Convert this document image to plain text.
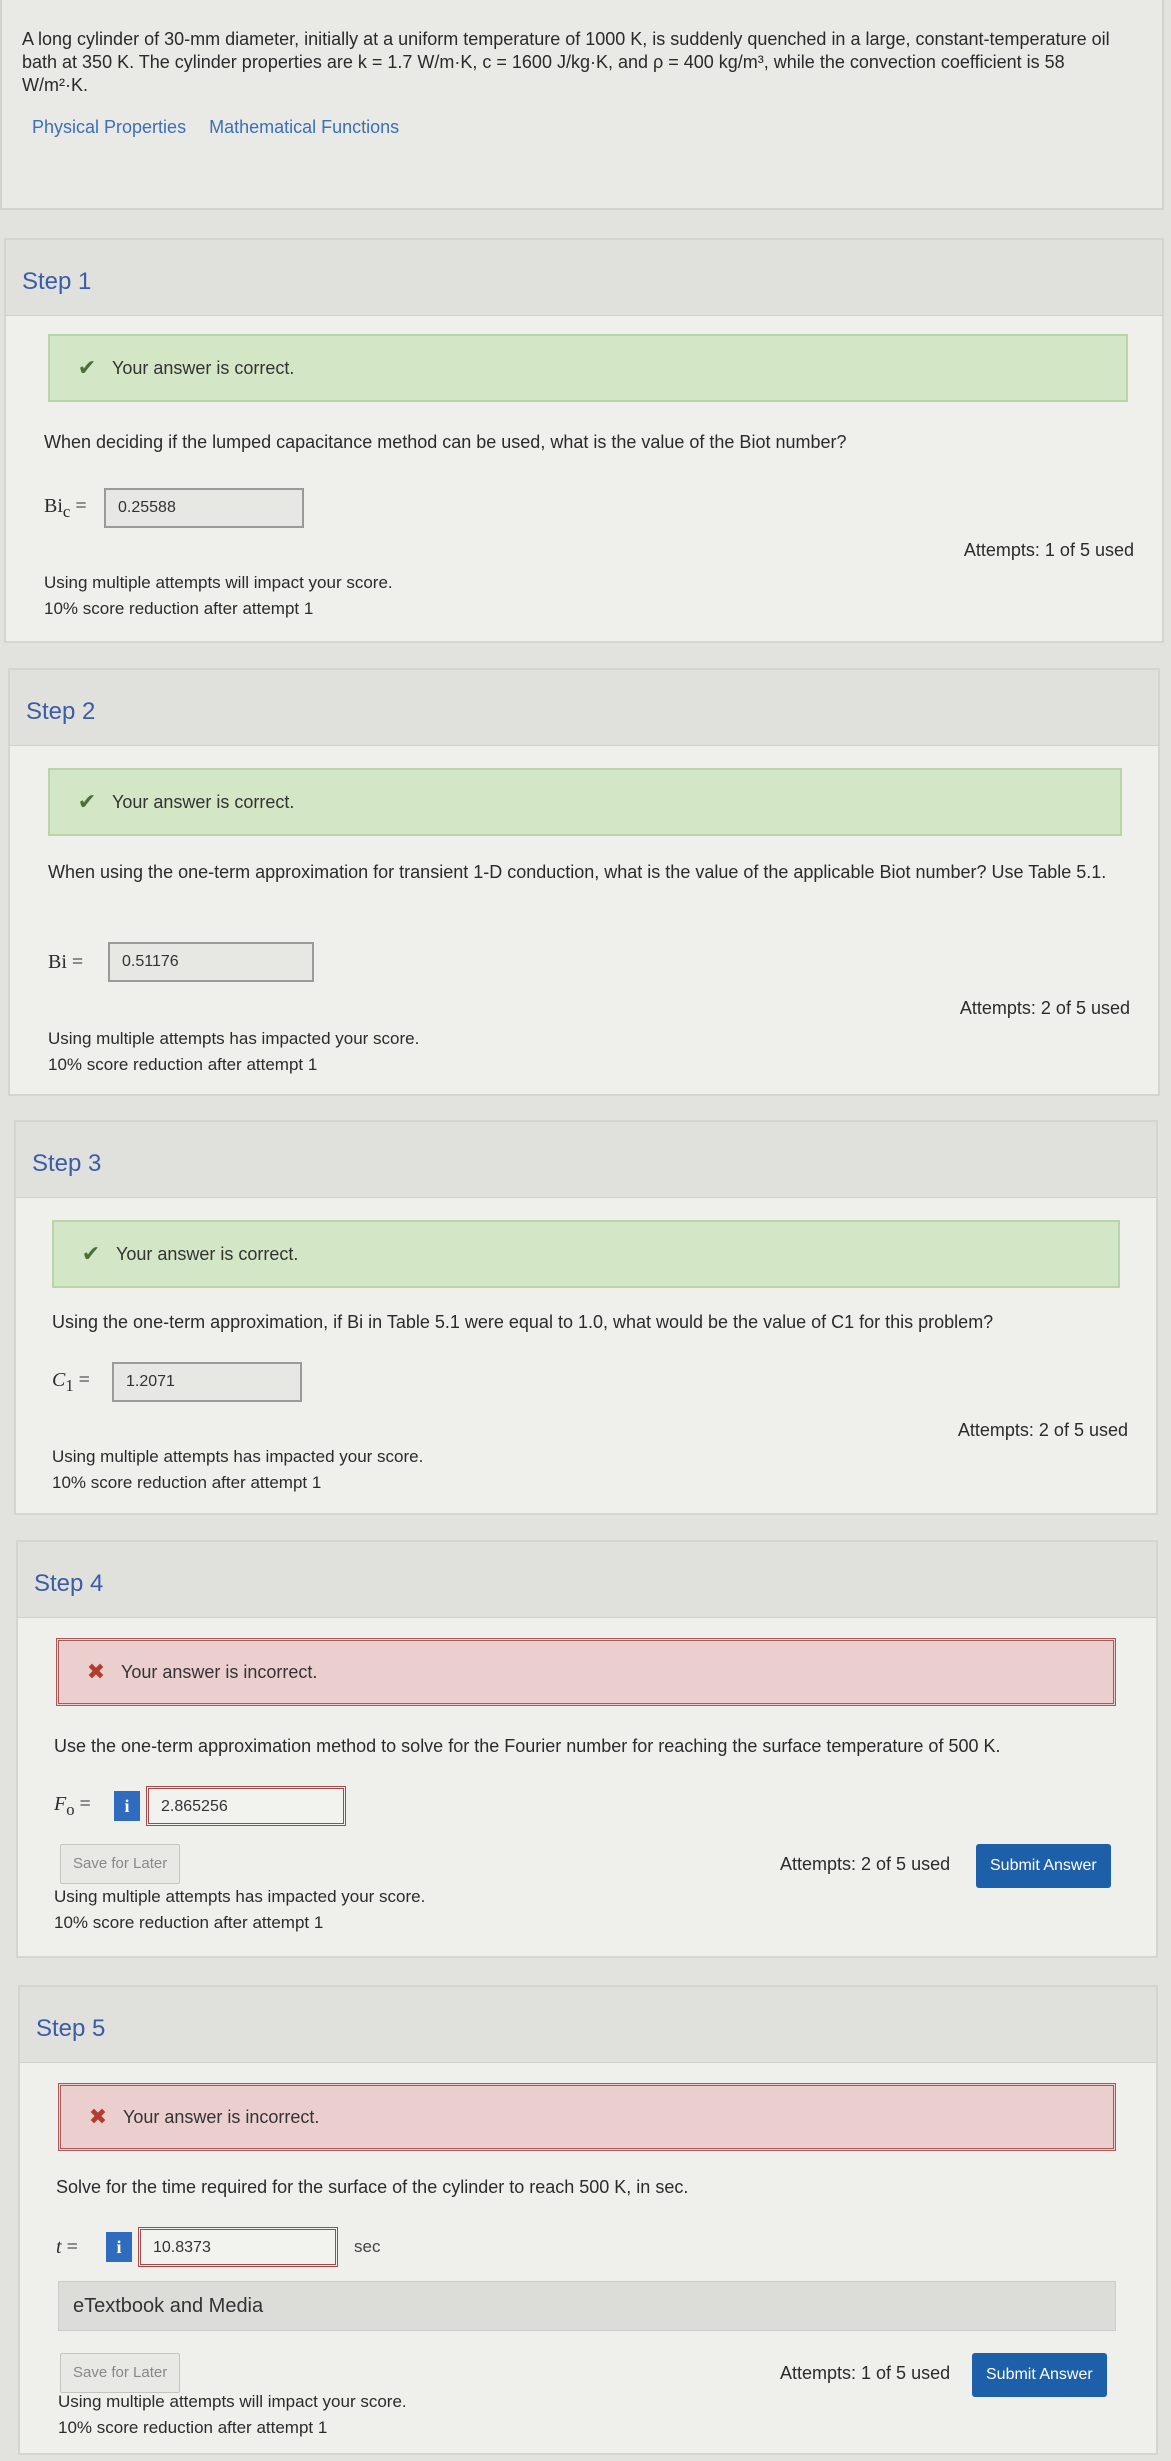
A long cylinder of 30-mm diameter, initially at a uniform temperature of 1000 K, is suddenly quenched in a large, constant-temperature oil bath at 350 K. The cylinder properties are k = 1.7 W/m·K, c = 1600 J/kg·K, and ρ = 400 kg/m³, while the convection coefficient is 58 W/m²·K.
Physical Properties Mathematical Functions
Step 1
✔ Your answer is correct.
When deciding if the lumped capacitance method can be used, what is the value of the Biot number?
$Bi_c$ =	0.25588
Attempts: 1 of 5 used
Using multiple attempts will impact your score.
10% score reduction after attempt 1
Step 2
✔ Your answer is correct.
When using the one-term approximation for transient 1-D conduction, what is the value of the applicable Biot number? Use Table 5.1.
Bi =	0.51176
Attempts: 2 of 5 used
Using multiple attempts has impacted your score.
10% score reduction after attempt 1
Step 3
✔ Your answer is correct.
Using the one-term approximation, if Bi in Table 5.1 were equal to 1.0, what would be the value of C1 for this problem?
$C_1$ =	1.2071
Attempts: 2 of 5 used
Using multiple attempts has impacted your score.
10% score reduction after attempt 1
Step 4
✖ Your answer is incorrect.
Use the one-term approximation method to solve for the Fourier number for reaching the surface temperature of 500 K.
$F_o$ =	i	2.865256
Save for Later	Attempts: 2 of 5 used	Submit Answer
Using multiple attempts has impacted your score.
10% score reduction after attempt 1
Step 5
✖ Your answer is incorrect.
Solve for the time required for the surface of the cylinder to reach 500 K, in sec.
t =	i	10.8373	sec
eTextbook and Media
Save for Later	Attempts: 1 of 5 used	Submit Answer
Using multiple attempts will impact your score.
10% score reduction after attempt 1
